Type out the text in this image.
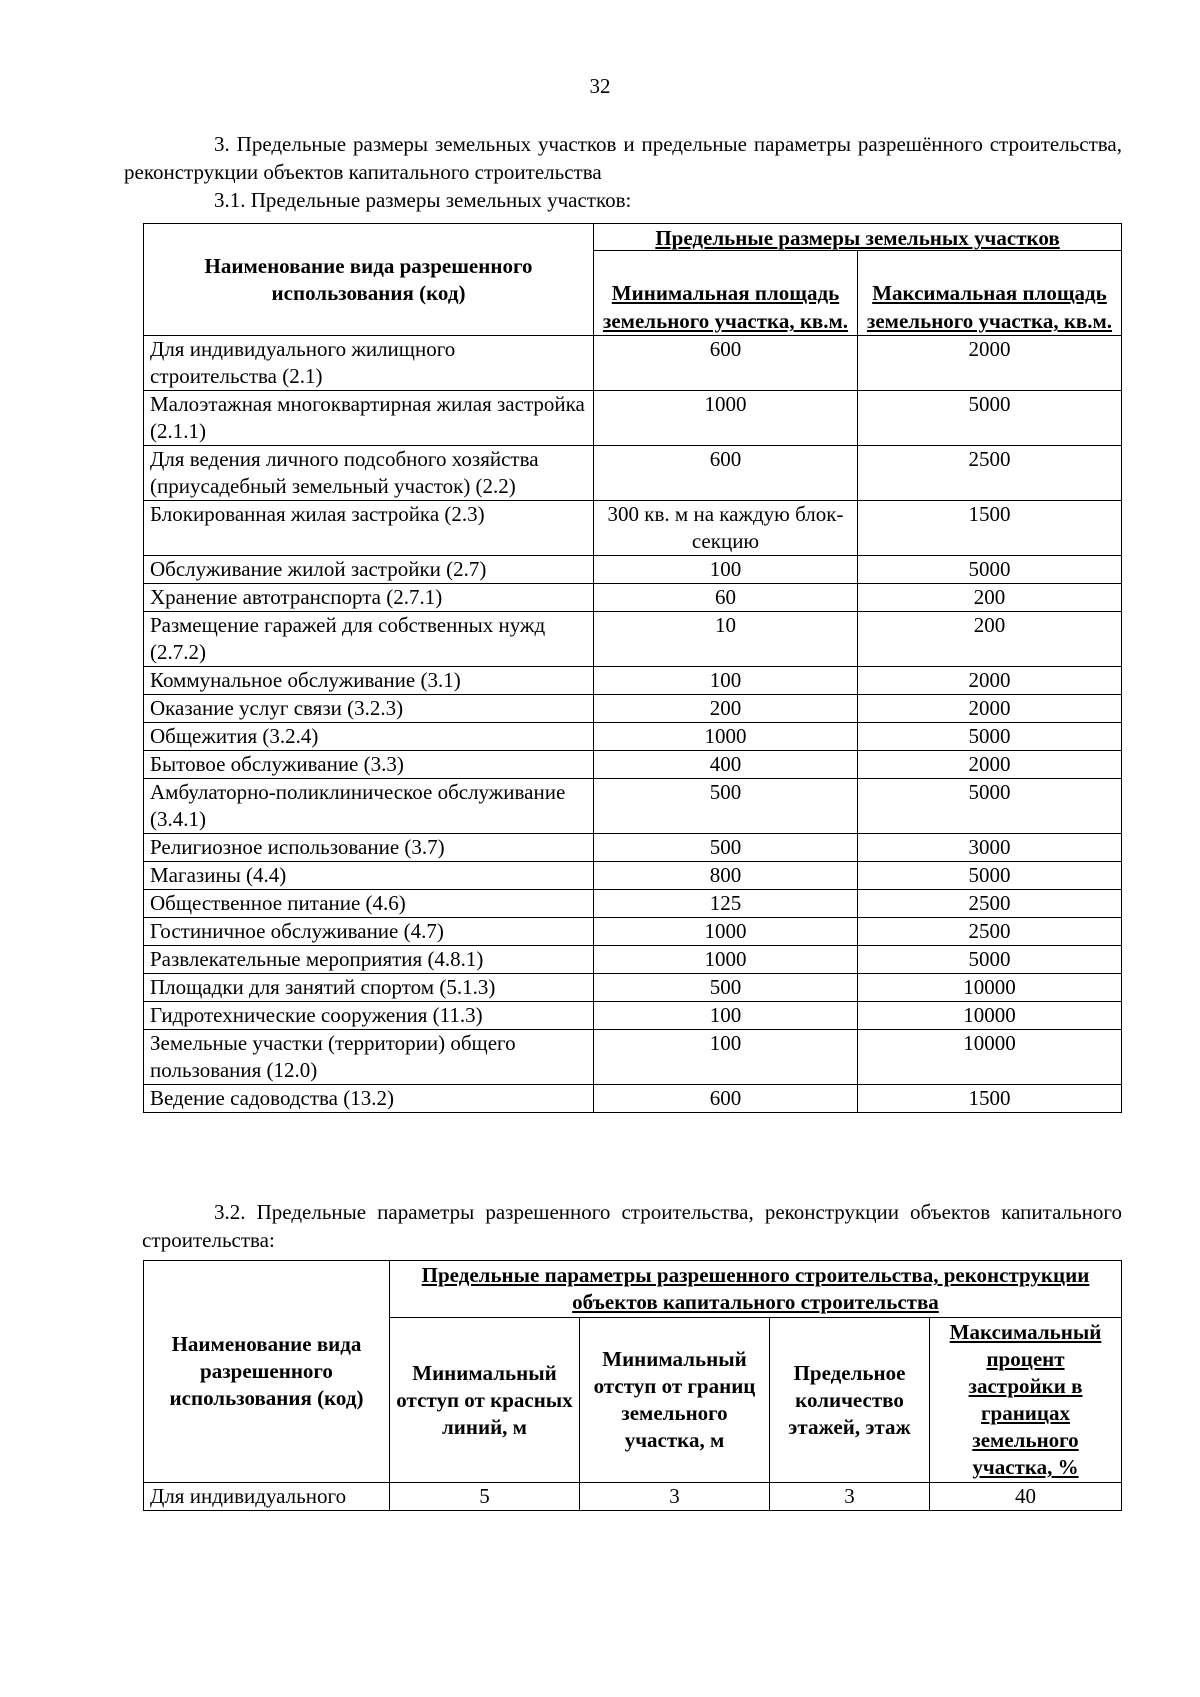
32
3. Предельные размеры земельных участков и предельные параметры разрешённого строительства, реконструкции объектов капитального строительства
3.1. Предельные размеры земельных участков:
Наименование вида разрешенного использования (код)	Предельные размеры земельных участков	
	Минимальная площадь земельного участка, кв.м.	Максимальная площадь земельного участка, кв.м.
Для индивидуального жилищного строительства (2.1)	600	2000
Малоэтажная многоквартирная жилая застройка (2.1.1)	1000	5000
Для ведения личного подсобного хозяйства (приусадебный земельный участок) (2.2)	600	2500
Блокированная жилая застройка (2.3)	300 кв. м на каждую блок-секцию	1500
Обслуживание жилой застройки (2.7)	100	5000
Хранение автотранспорта (2.7.1)	60	200
Размещение гаражей для собственных нужд (2.7.2)	10	200
Коммунальное обслуживание (3.1)	100	2000
Оказание услуг связи (3.2.3)	200	2000
Общежития (3.2.4)	1000	5000
Бытовое обслуживание (3.3)	400	2000
Амбулаторно-поликлиническое обслуживание (3.4.1)	500	5000
Религиозное использование (3.7)	500	3000
Магазины (4.4)	800	5000
Общественное питание (4.6)	125	2500
Гостиничное обслуживание (4.7)	1000	2500
Развлекательные мероприятия (4.8.1)	1000	5000
Площадки для занятий спортом (5.1.3)	500	10000
Гидротехнические сооружения (11.3)	100	10000
Земельные участки (территории) общего пользования (12.0)	100	10000
Ведение садоводства (13.2)	600	1500
3.2. Предельные параметры разрешенного строительства, реконструкции объектов капитального строительства:
Наименование вида разрешенного использования (код)	Предельные параметры разрешенного строительства, реконструкции объектов капитального строительства			
	Минимальный отступ от красных линий, м	Минимальный отступ от границ земельного участка, м	Предельное количество этажей, этаж	Максимальный процент застройки в границах земельного участка, %
Для индивидуального	5	3	3	40
